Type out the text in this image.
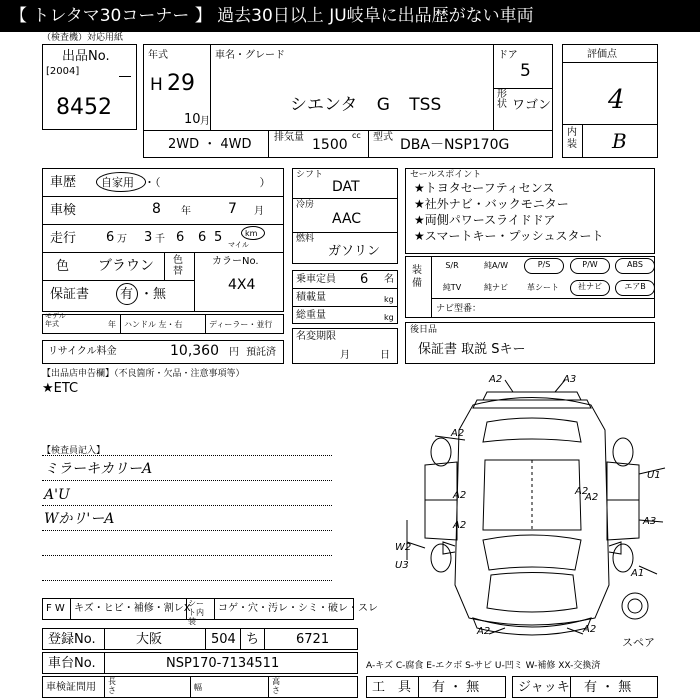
【 トレタマ30コーナー 】 過去30日以上 JU岐阜に出品歴がない車両
（検査機）対応用紙
出品No.
[2004]
8452
年式
H 29
10 月
車名・グレード
シエンタ G TSS
ドア
5
形状 ワゴン
2WD ・ 4WD 排気量 1500
cc 型式 DBA－NSP170G
評価点
4
内装 B
車歴 自家用 ・（　　　　　　　　　）
車検	8 年	7 月
走行 6 万 3 千 6 6 5	km
マイル
色 ブラウン 色替
保証書 有 ・無
カラーNo.
4X4
モデル年式	年 ハンドル 左・右	ディーラー・並行
リサイクル料金	10,360 円 預託済
シフト
DAT
冷房
AAC
燃料
ガソリン
乗車定員 6 名
積載量	kg
総重量	kg
名変期限
月	日
セールスポイント
★トヨタセーフティセンス
★社外ナビ・バックモニター
★両側パワースライドドア
★スマートキー・プッシュスタート
装備
S/R	純A/W	P/S	P/W	ABS
純TV	純ナビ	革シート	社ナビ	エアB
ナビ型番：
後日品
保証書 取説 Sキー
【出品店申告欄】（不良箇所・欠品・注意事項等）
★ETC
【検査員記入】
ミラーキカリーA
A'U
Wかリ'ーA
A2	A3
A2
U1
A2
A2
A2
A2
A3
W2
U3
A2	A2
A1
スペア
F W キズ・ヒビ・補修・割レX
シート内装
コゲ・穴・汚レ・シミ・破レ・スレ
登録No.	大阪	504 ち	6721
車台No.	NSP170-7134511	A-キズ C-腐食 E-エクボ S-サビ U-凹ミ W-補修 XX-交換済
車検証問用
長さ	幅
高さ	工　具 有 ・ 無	ジャッキ 有 ・ 無
